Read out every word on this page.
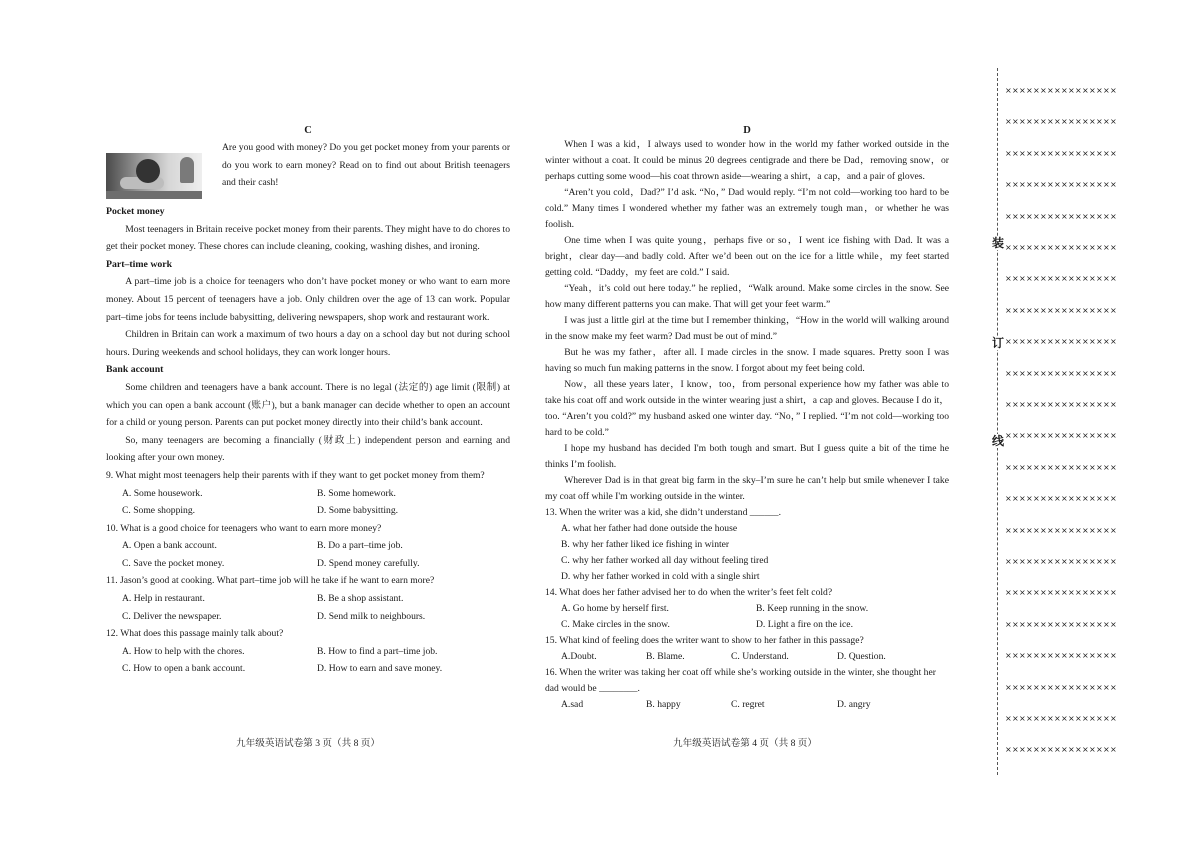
C
Are you good with money? Do you get pocket money from your parents or do you work to earn money? Read on to find out about British teenagers and their cash!
Pocket money

Most teenagers in Britain receive pocket money from their parents. They might have to do chores to get their pocket money. These chores can include cleaning, cooking, washing dishes, and ironing.

Part–time work

A part–time job is a choice for teenagers who don’t have pocket money or who want to earn more money. About 15 percent of teenagers have a job. Only children over the age of 13 can work. Popular part–time jobs for teens include babysitting, delivering newspapers, shop work and restaurant work.

Children in Britain can work a maximum of two hours a day on a school day but not during school hours. During weekends and school holidays, they can work longer hours.

Bank account

Some children and teenagers have a bank account. There is no legal (法定的) age limit (限制) at which you can open a bank account (账户), but a bank manager can decide whether to open an account for a child or young person. Parents can put pocket money directly into their child’s bank account.

So, many teenagers are becoming a financially (财政上) independent person and earning and looking after your own money.

9. What might most teenagers help their parents with if they want to get pocket money from them?

A. Some housework.	B. Some homework.
C. Some shopping.	D. Some babysitting.

10. What is a good choice for teenagers who want to earn more money?

A. Open a bank account.	B. Do a part–time job.
C. Save the pocket money.	D. Spend money carefully.

11. Jason’s good at cooking. What part–time job will he take if he want to earn more?

A. Help in restaurant.	B. Be a shop assistant.
C. Deliver the newspaper.	D. Send milk to neighbours.

12. What does this passage mainly talk about?

A. How to help with the chores.	B. How to find a part–time job.
C. How to open a bank account.	D. How to earn and save money.
D

When I was a kid，I always used to wonder how in the world my father worked outside in the winter without a coat. It could be minus 20 degrees centigrade and there be Dad，removing snow，or perhaps cutting some wood—his coat thrown aside—wearing a shirt，a cap，and a pair of gloves.

“Aren’t you cold，Dad?” I’d ask. “No，” Dad would reply. “I’m not cold—working too hard to be cold.” Many times I wondered whether my father was an extremely tough man，or whether he was foolish.

One time when I was quite young，perhaps five or so，I went ice fishing with Dad. It was a bright，clear day—and badly cold. After we’d been out on the ice for a little while，my feet started getting cold. “Daddy，my feet are cold.” I said.

“Yeah，it’s cold out here today.” he replied，“Walk around. Make some circles in the snow. See how many different patterns you can make. That will get your feet warm.”

I was just a little girl at the time but I remember thinking，“How in the world will walking around in the snow make my feet warm? Dad must be out of mind.”

But he was my father，after all. I made circles in the snow. I made squares. Pretty soon I was having so much fun making patterns in the snow. I forgot about my feet being cold.

Now，all these years later，I know，too，from personal experience how my father was able to take his coat off and work outside in the winter wearing just a shirt，a cap and gloves. Because I do it，too. “Aren’t you cold?” my husband asked one winter day. “No，” I replied. “I’m not cold—working too hard to be cold.”

I hope my husband has decided I'm both tough and smart. But I guess quite a bit of the time he thinks I’m foolish.

Wherever Dad is in that great big farm in the sky–I’m sure he can’t help but smile whenever I take my coat off while I'm working outside in the winter.

13. When the writer was a kid, she didn’t understand ______.

A. what her father had done outside the house
B. why her father liked ice fishing in winter
C. why her father worked all day without feeling tired
D. why her father worked in cold with a single shirt

14. What does her father advised her to do when the writer’s feet felt cold?

A. Go home by herself first.	B. Keep running in the snow.
C. Make circles in the snow.	D. Light a fire on the ice.

15. What kind of feeling does the writer want to show to her father in this passage?

A.Doubt.	B. Blame.	C. Understand.	D. Question.

16. When the writer was taking her coat off while she’s working outside in the winter, she thought her dad would be ________.

A.sad	B. happy	C. regret	D. angry
九年级英语试卷第 3 页（共 8 页）	九年级英语试卷第 4 页（共 8 页）
装
订
线
××××××××××××××××
××××××××××××××××
××××××××××××××××
××××××××××××××××
××××××××××××××××
××××××××××××××××
××××××××××××××××
××××××××××××××××
××××××××××××××××
××××××××××××××××
××××××××××××××××
××××××××××××××××
××××××××××××××××
××××××××××××××××
××××××××××××××××
××××××××××××××××
××××××××××××××××
××××××××××××××××
××××××××××××××××
××××××××××××××××
××××××××××××××××
××××××××××××××××
